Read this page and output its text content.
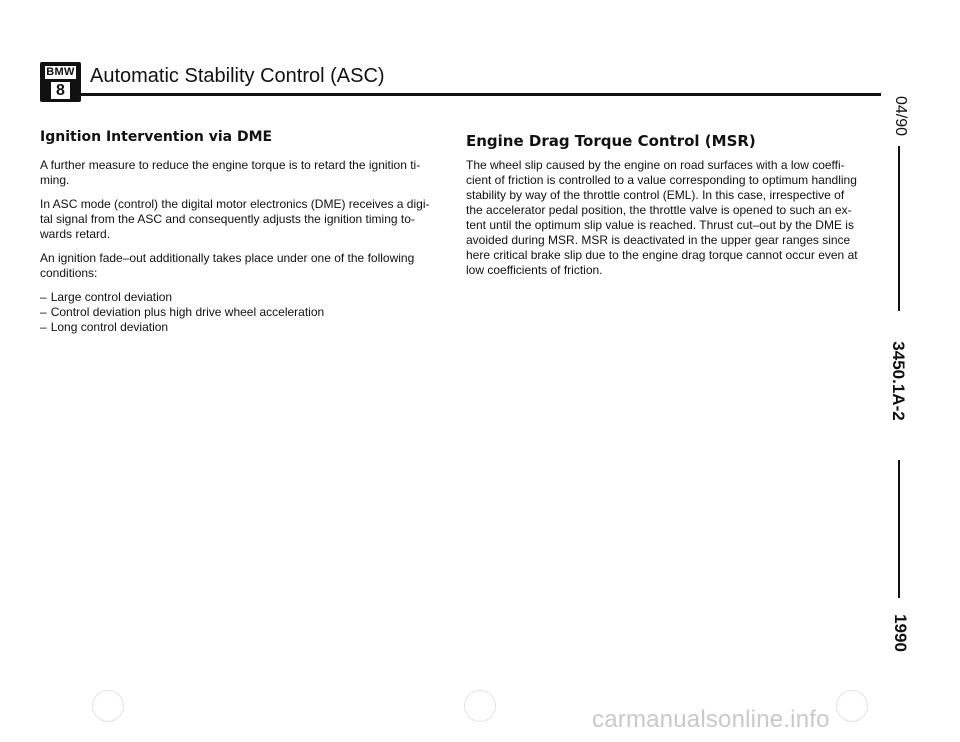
BMW
8
Automatic Stability Control (ASC)
Ignition Intervention via DME

A further measure to reduce the engine torque is to retard the ignition ti-
ming.

In ASC mode (control) the digital motor electronics (DME) receives a digi-
tal signal from the ASC and consequently adjusts the ignition timing to-
wards retard.

An ignition fade–out additionally takes place under one of the following
conditions:

– Large control deviation
– Control deviation plus high drive wheel acceleration
– Long control deviation
Engine Drag Torque Control (MSR)

The wheel slip caused by the engine on road surfaces with a low coeffi-
cient of friction is controlled to a value corresponding to optimum handling
stability by way of the throttle control (EML). In this case, irrespective of
the accelerator pedal position, the throttle valve is opened to such an ex-
tent until the optimum slip value is reached. Thrust cut–out by the DME is
avoided during MSR. MSR is deactivated in the upper gear ranges since
here critical brake slip due to the engine drag torque cannot occur even at
low coefficients of friction.

04/90
3450.1A-2
1990
carmanualsonline.info
